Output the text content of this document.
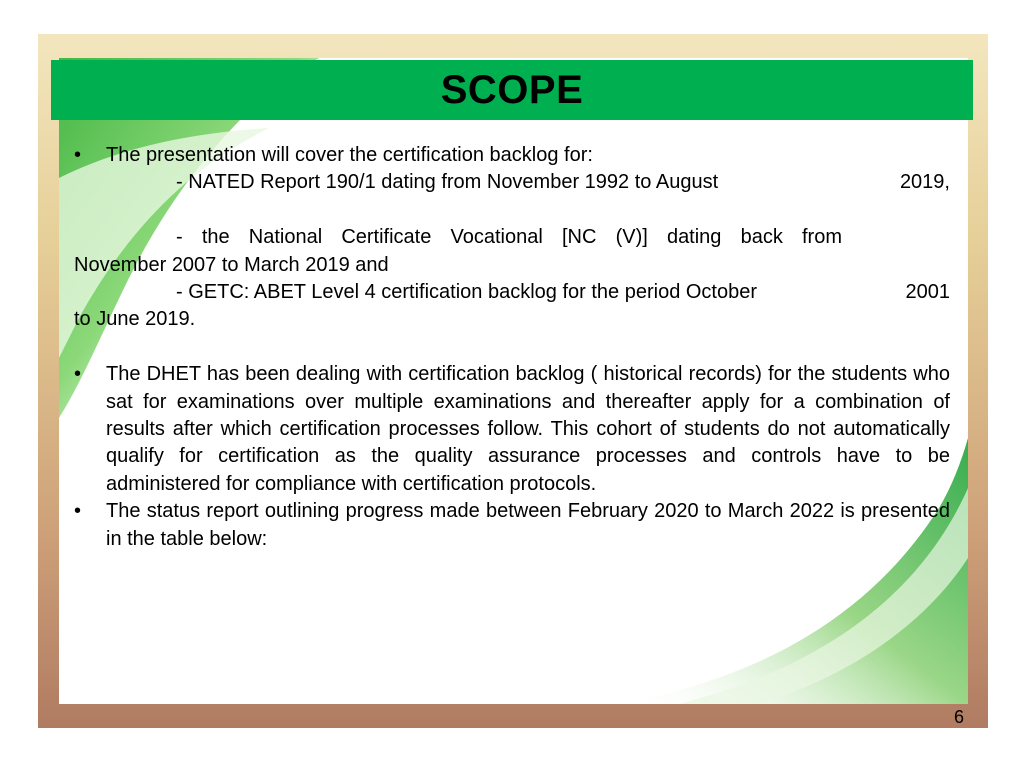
SCOPE
• The presentation will cover the certification backlog for:
- NATED Report 190/1 dating from November 1992 to August	2019,
- the National Certificate Vocational [NC (V)] dating back from
November 2007 to March 2019 and
- GETC: ABET Level 4 certification backlog for the period October	2001
to June 2019.
• The DHET has been dealing with certification backlog ( historical records) for the students who sat for examinations over multiple examinations and thereafter apply for a combination of results after which certification processes follow. This cohort of students do not automatically qualify for certification as the quality assurance processes and controls have to be administered for compliance with certification protocols.
• The status report outlining progress made between February 2020 to March 2022 is presented in the table below:
6
